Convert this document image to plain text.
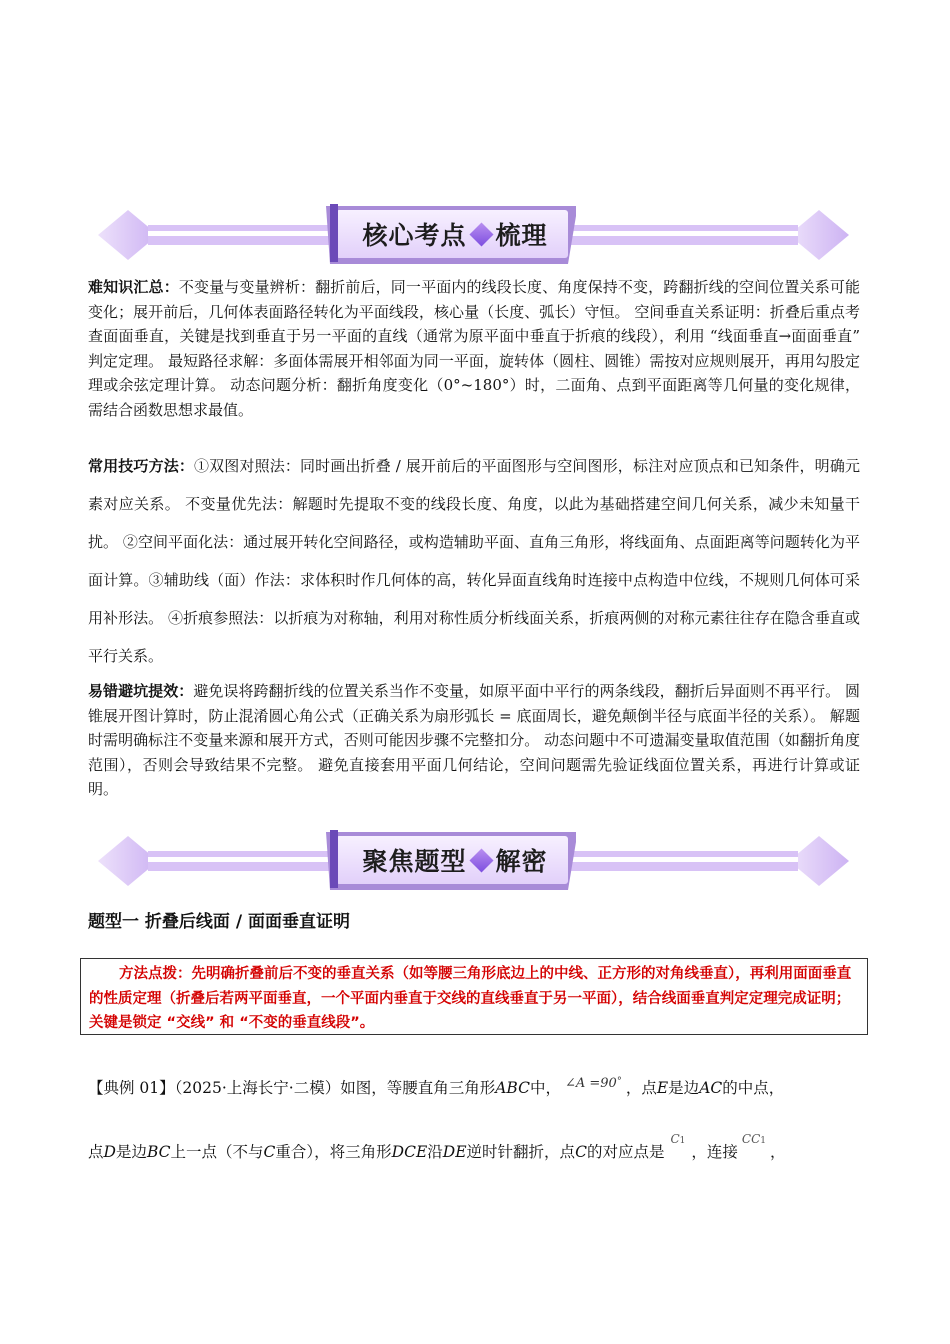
核心考点 梳理
难知识汇总：不变量与变量辨析：翻折前后，同一平面内的线段长度、角度保持不变，跨翻折线的空间位置关系可能变化；展开前后，几何体表面路径转化为平面线段，核心量（长度、弧长）守恒。 空间垂直关系证明：折叠后重点考查面面垂直，关键是找到垂直于另一平面的直线（通常为原平面中垂直于折痕的线段），利用 “线面垂直→面面垂直” 判定定理。 最短路径求解：多面体需展开相邻面为同一平面，旋转体（圆柱、圆锥）需按对应规则展开，再用勾股定理或余弦定理计算。 动态问题分析：翻折角度变化（0°~180°）时，二面角、点到平面距离等几何量的变化规律，需结合函数思想求最值。
常用技巧方法：①双图对照法：同时画出折叠 / 展开前后的平面图形与空间图形，标注对应顶点和已知条件，明确元素对应关系。 不变量优先法：解题时先提取不变的线段长度、角度，以此为基础搭建空间几何关系，减少未知量干扰。 ②空间平面化法：通过展开转化空间路径，或构造辅助平面、直角三角形，将线面角、点面距离等问题转化为平面计算。③辅助线（面）作法：求体积时作几何体的高，转化异面直线角时连接中点构造中位线，不规则几何体可采用补形法。 ④折痕参照法：以折痕为对称轴，利用对称性质分析线面关系，折痕两侧的对称元素往往存在隐含垂直或平行关系。
易错避坑提效：避免误将跨翻折线的位置关系当作不变量，如原平面中平行的两条线段，翻折后异面则不再平行。 圆锥展开图计算时，防止混淆圆心角公式（正确关系为扇形弧长 = 底面周长，避免颠倒半径与底面半径的关系）。 解题时需明确标注不变量来源和展开方式，否则可能因步骤不完整扣分。 动态问题中不可遗漏变量取值范围（如翻折角度范围），否则会导致结果不完整。 避免直接套用平面几何结论，空间问题需先验证线面位置关系，再进行计算或证明。
聚焦题型 解密
题型一 折叠后线面 / 面面垂直证明
方法点拨：先明确折叠前后不变的垂直关系（如等腰三角形底边上的中线、正方形的对角线垂直），再利用面面垂直的性质定理（折叠后若两平面垂直，一个平面内垂直于交线的直线垂直于另一平面），结合线面垂直判定定理完成证明；关键是锁定 “交线” 和 “不变的垂直线段”。
【典例 01】（2025·上海长宁·二模）如图，等腰直角三角形ABC中， ∠A =90° ，点E是边AC的中点，
点D是边BC上一点（不与C重合），将三角形DCE沿DE逆时针翻折，点C的对应点是C1，连接CC1，
